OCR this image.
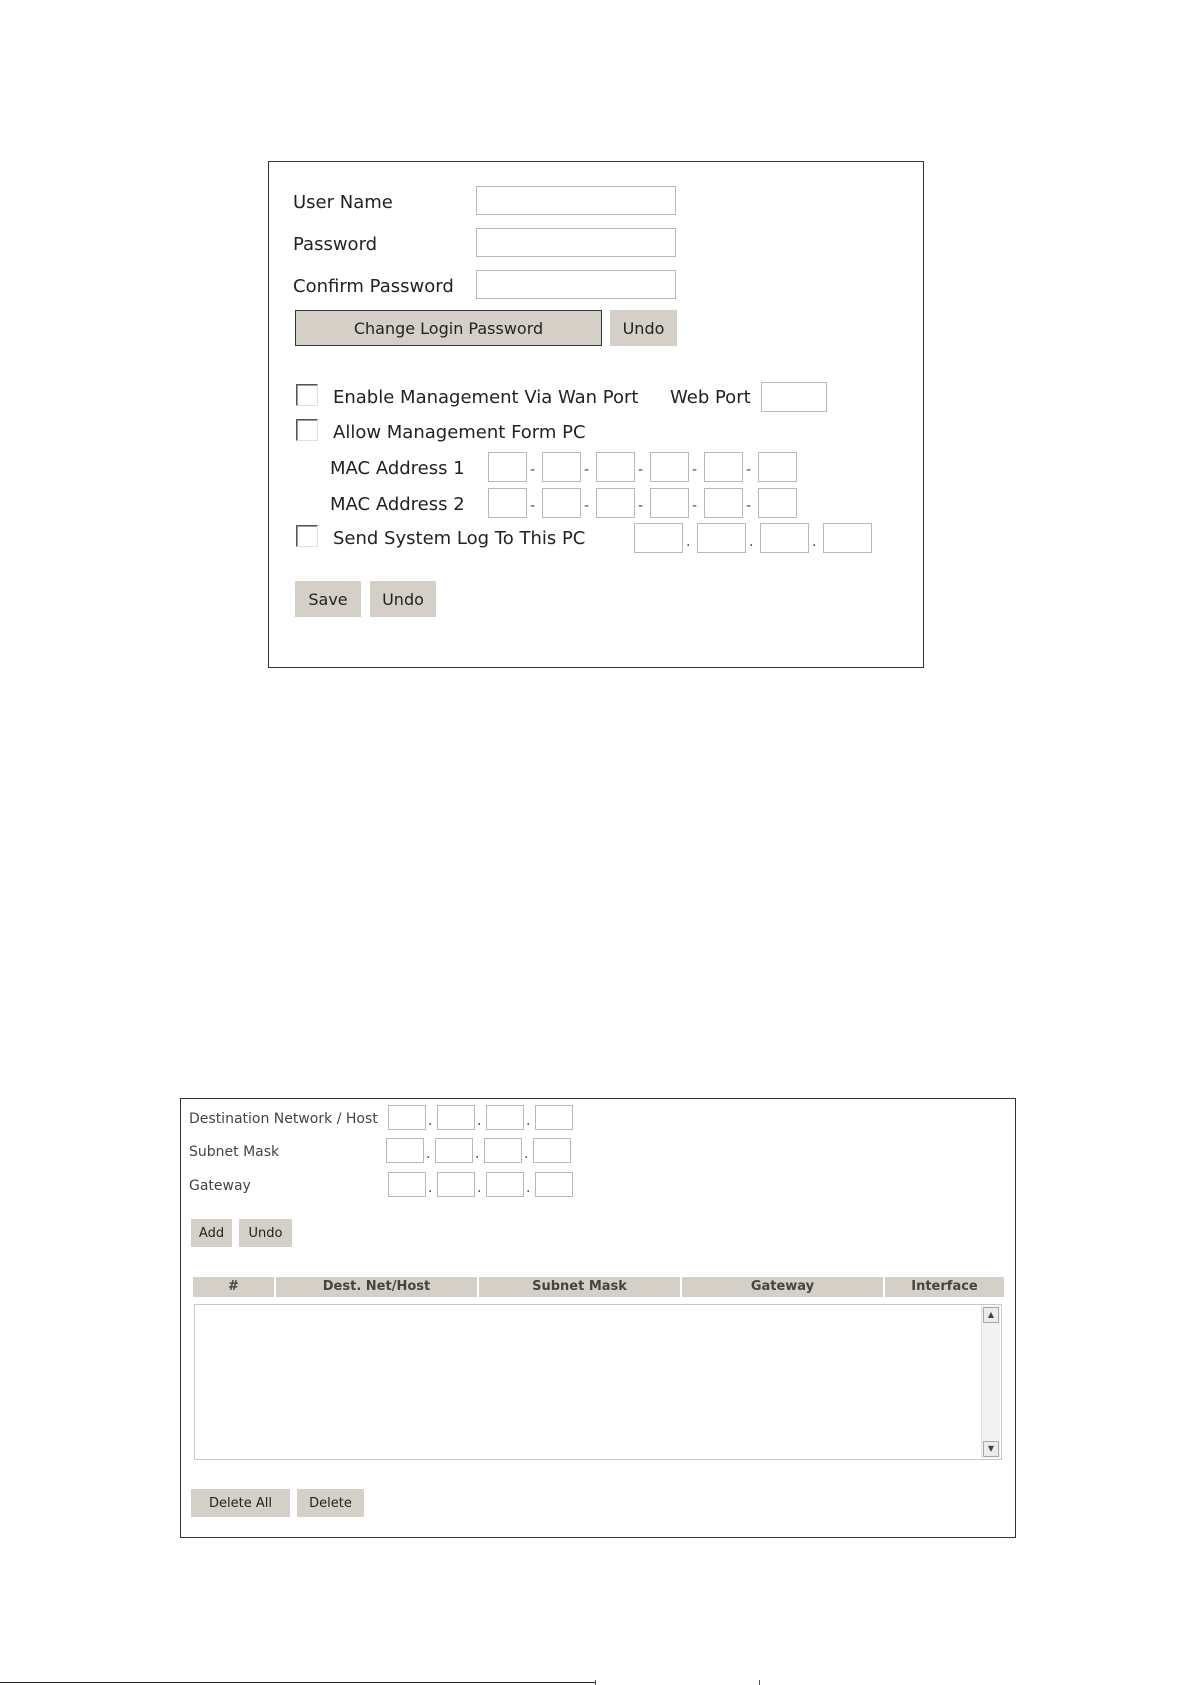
User Name
Password
Confirm Password
Change Login Password	Undo
Enable Management Via Wan Port Web Port
Allow Management Form PC
MAC Address 1	-	-	-	-	-
MAC Address 2	-	-	-	-	-
Send System Log To This PC	.	.	.
Save	Undo
Destination Network / Host	.	.	.
Subnet Mask	.	.	.
Gateway	.	.	.
Add	Undo
#	Dest. Net/Host	Subnet Mask	Gateway	Interface
▲
▼
Delete All	Delete
